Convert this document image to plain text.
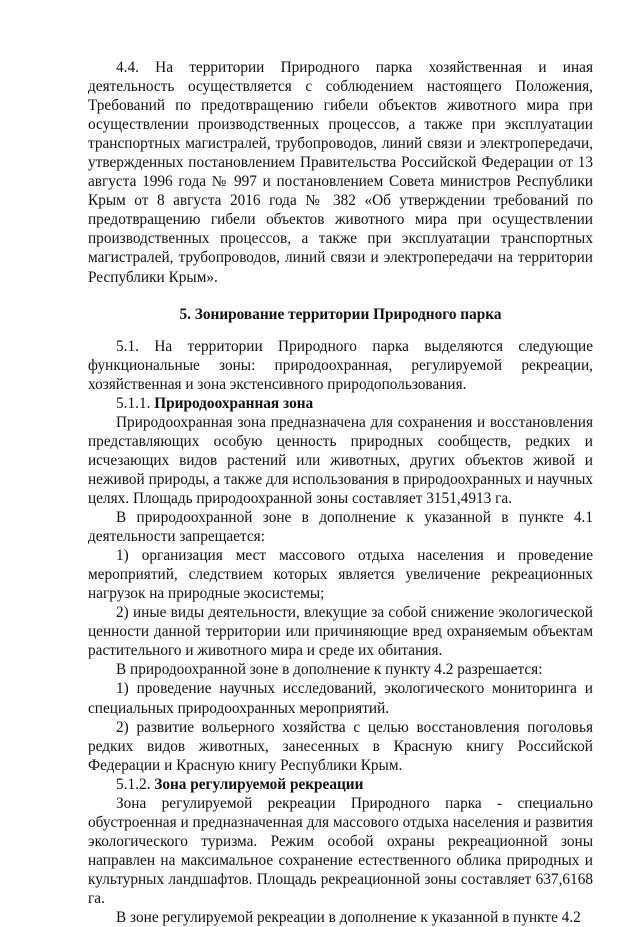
4.4. На территории Природного парка хозяйственная и иная деятельность осуществляется с соблюдением настоящего Положения, Требований по предотвращению гибели объектов животного мира при осуществлении производственных процессов, а также при эксплуатации транспортных магистралей, трубопроводов, линий связи и электропередачи, утвержденных постановлением Правительства Российской Федерации от 13 августа 1996 года № 997 и постановлением Совета министров Республики Крым от 8 августа 2016 года № 382 «Об утверждении требований по предотвращению гибели объектов животного мира при осуществлении производственных процессов, а также при эксплуатации транспортных магистралей, трубопроводов, линий связи и электропередачи на территории Республики Крым».

5. Зонирование территории Природного парка

5.1. На территории Природного парка выделяются следующие функциональные зоны: природоохранная, регулируемой рекреации, хозяйственная и зона экстенсивного природопользования.

5.1.1. Природоохранная зона

Природоохранная зона предназначена для сохранения и восстановления представляющих особую ценность природных сообществ, редких и исчезающих видов растений или животных, других объектов живой и неживой природы, а также для использования в природоохранных и научных целях. Площадь природоохранной зоны составляет 3151,4913 га.

В природоохранной зоне в дополнение к указанной в пункте 4.1 деятельности запрещается:

1) организация мест массового отдыха населения и проведение мероприятий, следствием которых является увеличение рекреационных нагрузок на природные экосистемы;

2) иные виды деятельности, влекущие за собой снижение экологической ценности данной территории или причиняющие вред охраняемым объектам растительного и животного мира и среде их обитания.

В природоохранной зоне в дополнение к пункту 4.2 разрешается:

1) проведение научных исследований, экологического мониторинга и специальных природоохранных мероприятий.

2) развитие вольерного хозяйства с целью восстановления поголовья редких видов животных, занесенных в Красную книгу Российской Федерации и Красную книгу Республики Крым.

5.1.2. Зона регулируемой рекреации

Зона регулируемой рекреации Природного парка - специально обустроенная и предназначенная для массового отдыха населения и развития экологического туризма. Режим особой охраны рекреационной зоны направлен на максимальное сохранение естественного облика природных и культурных ландшафтов. Площадь рекреационной зоны составляет 637,6168 га.

В зоне регулируемой рекреации в дополнение к указанной в пункте 4.2
